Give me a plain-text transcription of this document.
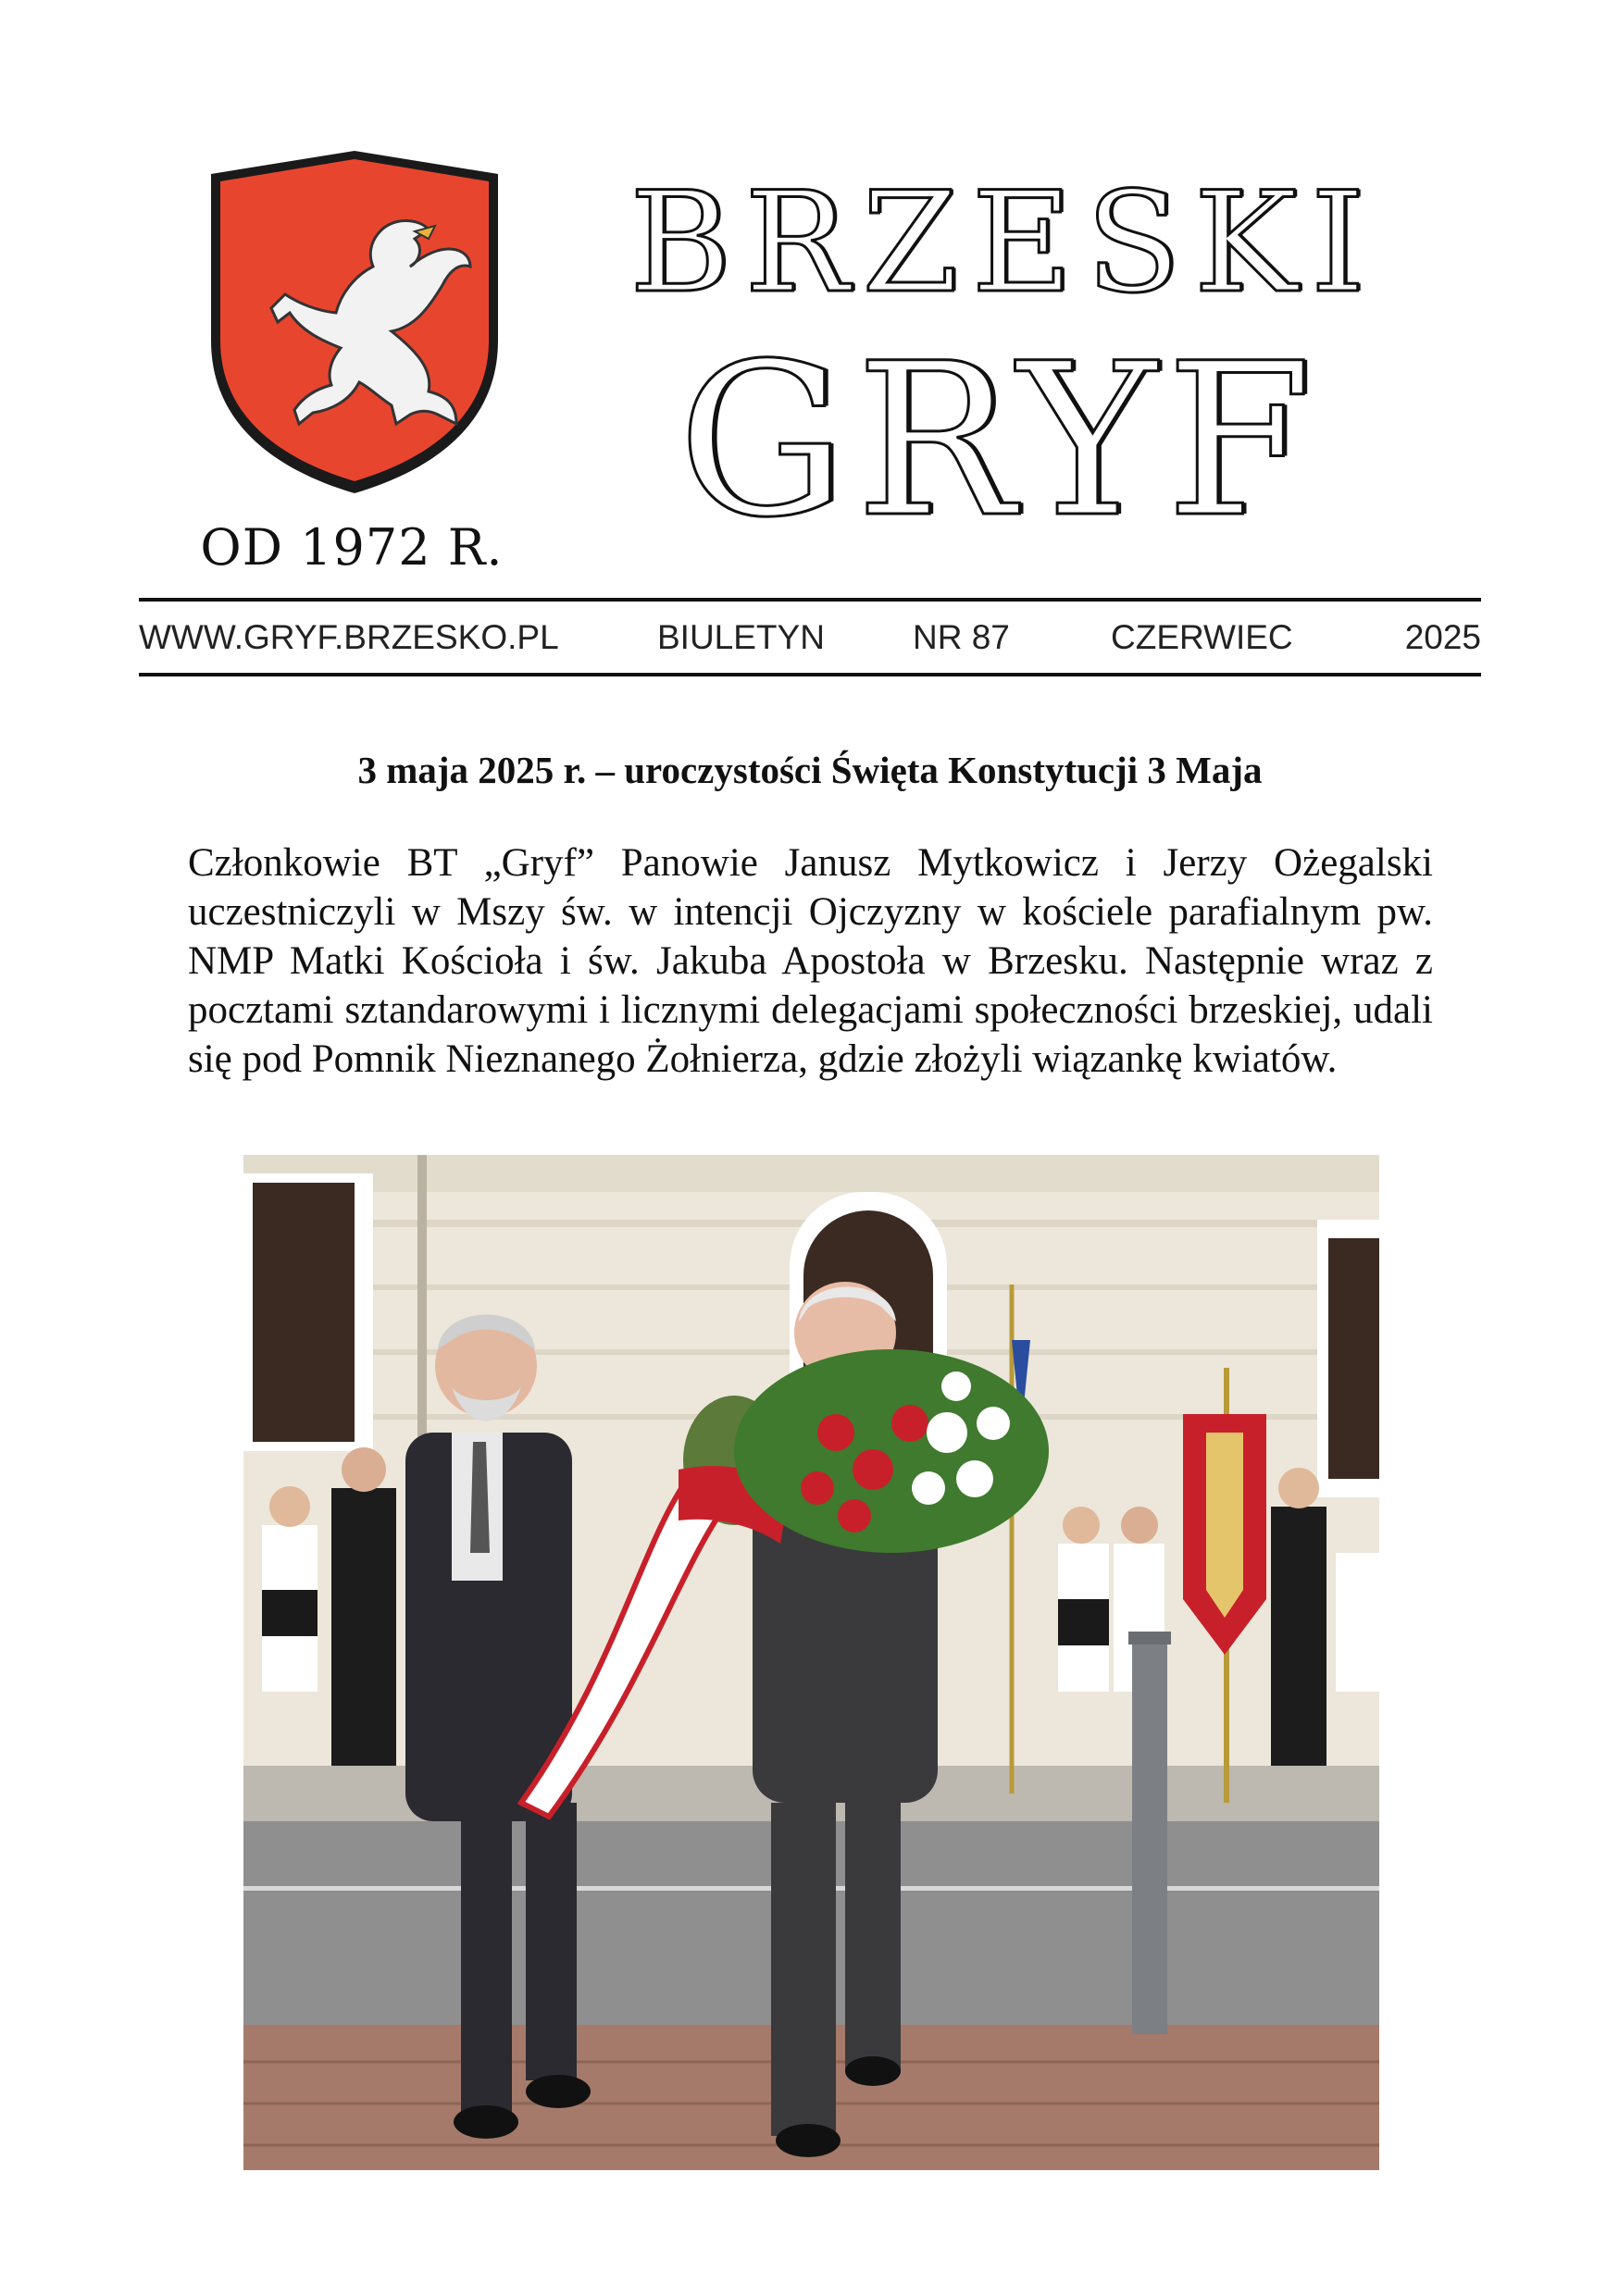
OD 1972 R.
BRZESKI
GRYF
WWW.GRYF.BRZESKO.PL	BIULETYN	NR 87	CZERWIEC	2025
3 maja 2025 r. – uroczystości Święta Konstytucji 3 Maja
Członkowie BT „Gryf” Panowie Janusz Mytkowicz i Jerzy Ożegalski uczestniczyli w Mszy św. w intencji Ojczyzny w kościele parafialnym pw. NMP Matki Kościoła i św. Jakuba Apostoła w Brzesku. Następnie wraz z pocztami sztandarowymi i licznymi delegacjami społeczności brzeskiej, udali się pod Pomnik Nieznanego Żołnierza, gdzie złożyli wiązankę kwiatów.
